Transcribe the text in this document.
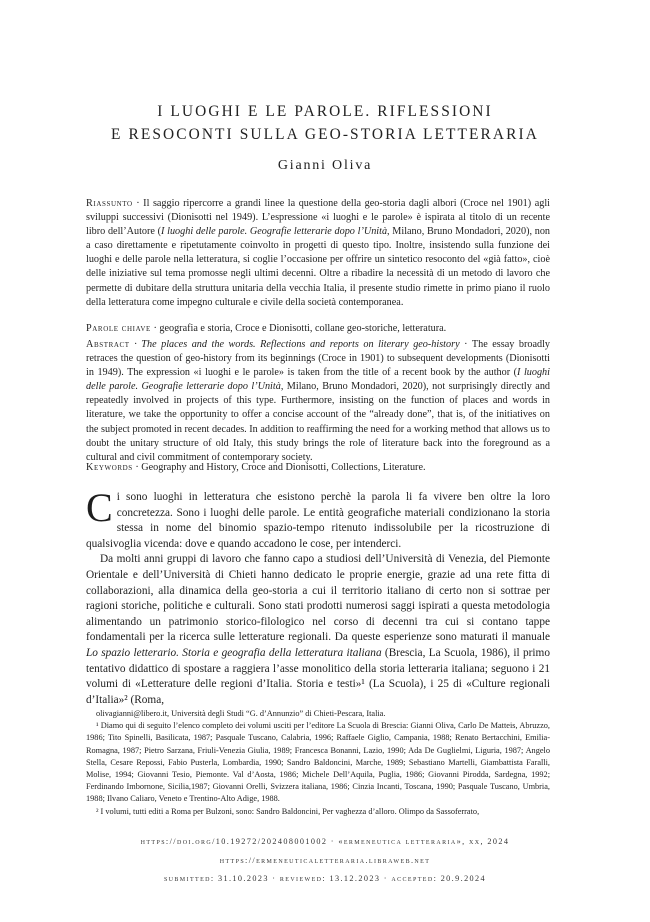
I LUOGHI E LE PAROLE. RIFLESSIONI
E RESOCONTI SULLA GEO-STORIA LETTERARIA
Gianni Oliva
Riassunto · Il saggio ripercorre a grandi linee la questione della geo-storia dagli albori (Croce nel 1901) agli sviluppi successivi (Dionisotti nel 1949). L’espressione «i luoghi e le parole» è ispirata al titolo di un recente libro dell’Autore (I luoghi delle parole. Geografie letterarie dopo l’Unità, Milano, Bruno Mondadori, 2020), non a caso direttamente e ripetutamente coinvolto in progetti di questo tipo. Inoltre, insistendo sulla funzione dei luoghi e delle parole nella letteratura, si coglie l’occasione per offrire un sintetico resoconto del «già fatto», cioè delle iniziative sul tema promosse negli ultimi decenni. Oltre a ribadire la necessità di un metodo di lavoro che permette di dubitare della struttura unitaria della vecchia Italia, il presente studio rimette in primo piano il ruolo della letteratura come impegno culturale e civile della società contemporanea.
Parole chiave · geografia e storia, Croce e Dionisotti, collane geo-storiche, letteratura.
Abstract · The places and the words. Reflections and reports on literary geo-history · The essay broadly retraces the question of geo-history from its beginnings (Croce in 1901) to subsequent developments (Dionisotti in 1949). The expression «i luoghi e le parole» is taken from the title of a recent book by the author (I luoghi delle parole. Geografie letterarie dopo l’Unità, Milano, Bruno Mondadori, 2020), not surprisingly directly and repeatedly involved in projects of this type. Furthermore, insisting on the function of places and words in literature, we take the opportunity to offer a concise account of the “already done”, that is, of the initiatives on the subject promoted in recent decades. In addition to reaffirming the need for a working method that allows us to doubt the unitary structure of old Italy, this study brings the role of literature back into the foreground as a cultural and civil commitment of contemporary society.
Keywords · Geography and History, Croce and Dionisotti, Collections, Literature.

Ci sono luoghi in letteratura che esistono perchè la parola li fa vivere ben oltre la loro concretezza. Sono i luoghi delle parole. Le entità geografiche materiali condizionano la storia stessa in nome del binomio spazio-tempo ritenuto indissolubile per la ricostruzione di qualsivoglia vicenda: dove e quando accadono le cose, per intenderci.

Da molti anni gruppi di lavoro che fanno capo a studiosi dell’Università di Venezia, del Piemonte Orientale e dell’Università di Chieti hanno dedicato le proprie energie, grazie ad una rete fitta di collaborazioni, alla dinamica della geo-storia a cui il territorio italiano di certo non si sottrae per ragioni storiche, politiche e culturali. Sono stati prodotti numerosi saggi ispirati a questa metodologia alimentando un patrimonio storico-filologico nel corso di decenni tra cui si contano tappe fondamentali per la ricerca sulle letterature regionali. Da queste esperienze sono maturati il manuale Lo spazio letterario. Storia e geografia della letteratura italiana (Brescia, La Scuola, 1986), il primo tentativo didattico di spostare a raggiera l’asse monolitico della storia letteraria italiana; seguono i 21 volumi di «Letterature delle regioni d’Italia. Storia e testi»¹ (La Scuola), i 25 di «Culture regionali d’Italia»² (Roma,

olivagianni@libero.it, Università degli Studi “G. d’Annunzio” di Chieti-Pescara, Italia.

¹ Diamo qui di seguito l’elenco completo dei volumi usciti per l’editore La Scuola di Brescia: Gianni Oliva, Carlo De Matteis, Abruzzo, 1986; Tito Spinelli, Basilicata, 1987; Pasquale Tuscano, Calabria, 1996; Raffaele Giglio, Campania, 1988; Renato Bertacchini, Emilia-Romagna, 1987; Pietro Sarzana, Friuli-Venezia Giulia, 1989; Francesca Bonanni, Lazio, 1990; Ada De Guglielmi, Liguria, 1987; Angelo Stella, Cesare Repossi, Fabio Pusterla, Lombardia, 1990; Sandro Baldoncini, Marche, 1989; Sebastiano Martelli, Giambattista Faralli, Molise, 1994; Giovanni Tesio, Piemonte. Val d’Aosta, 1986; Michele Dell’Aquila, Puglia, 1986; Giovanni Pirodda, Sardegna, 1992; Ferdinando Imbornone, Sicilia,1987; Giovanni Orelli, Svizzera italiana, 1986; Cinzia Incanti, Toscana, 1990; Pasquale Tuscano, Umbria, 1988; Ilvano Caliaro, Veneto e Trentino-Alto Adige, 1988.

² I volumi, tutti editi a Roma per Bulzoni, sono: Sandro Baldoncini, Per vaghezza d’alloro. Olimpo da Sassoferrato,

https://doi.org/10.19272/202408001002 · «ermeneutica letteraria», xx, 2024
https://ermeneuticaletteraria.libraweb.net
submitted: 31.10.2023 · reviewed: 13.12.2023 · accepted: 20.9.2024
